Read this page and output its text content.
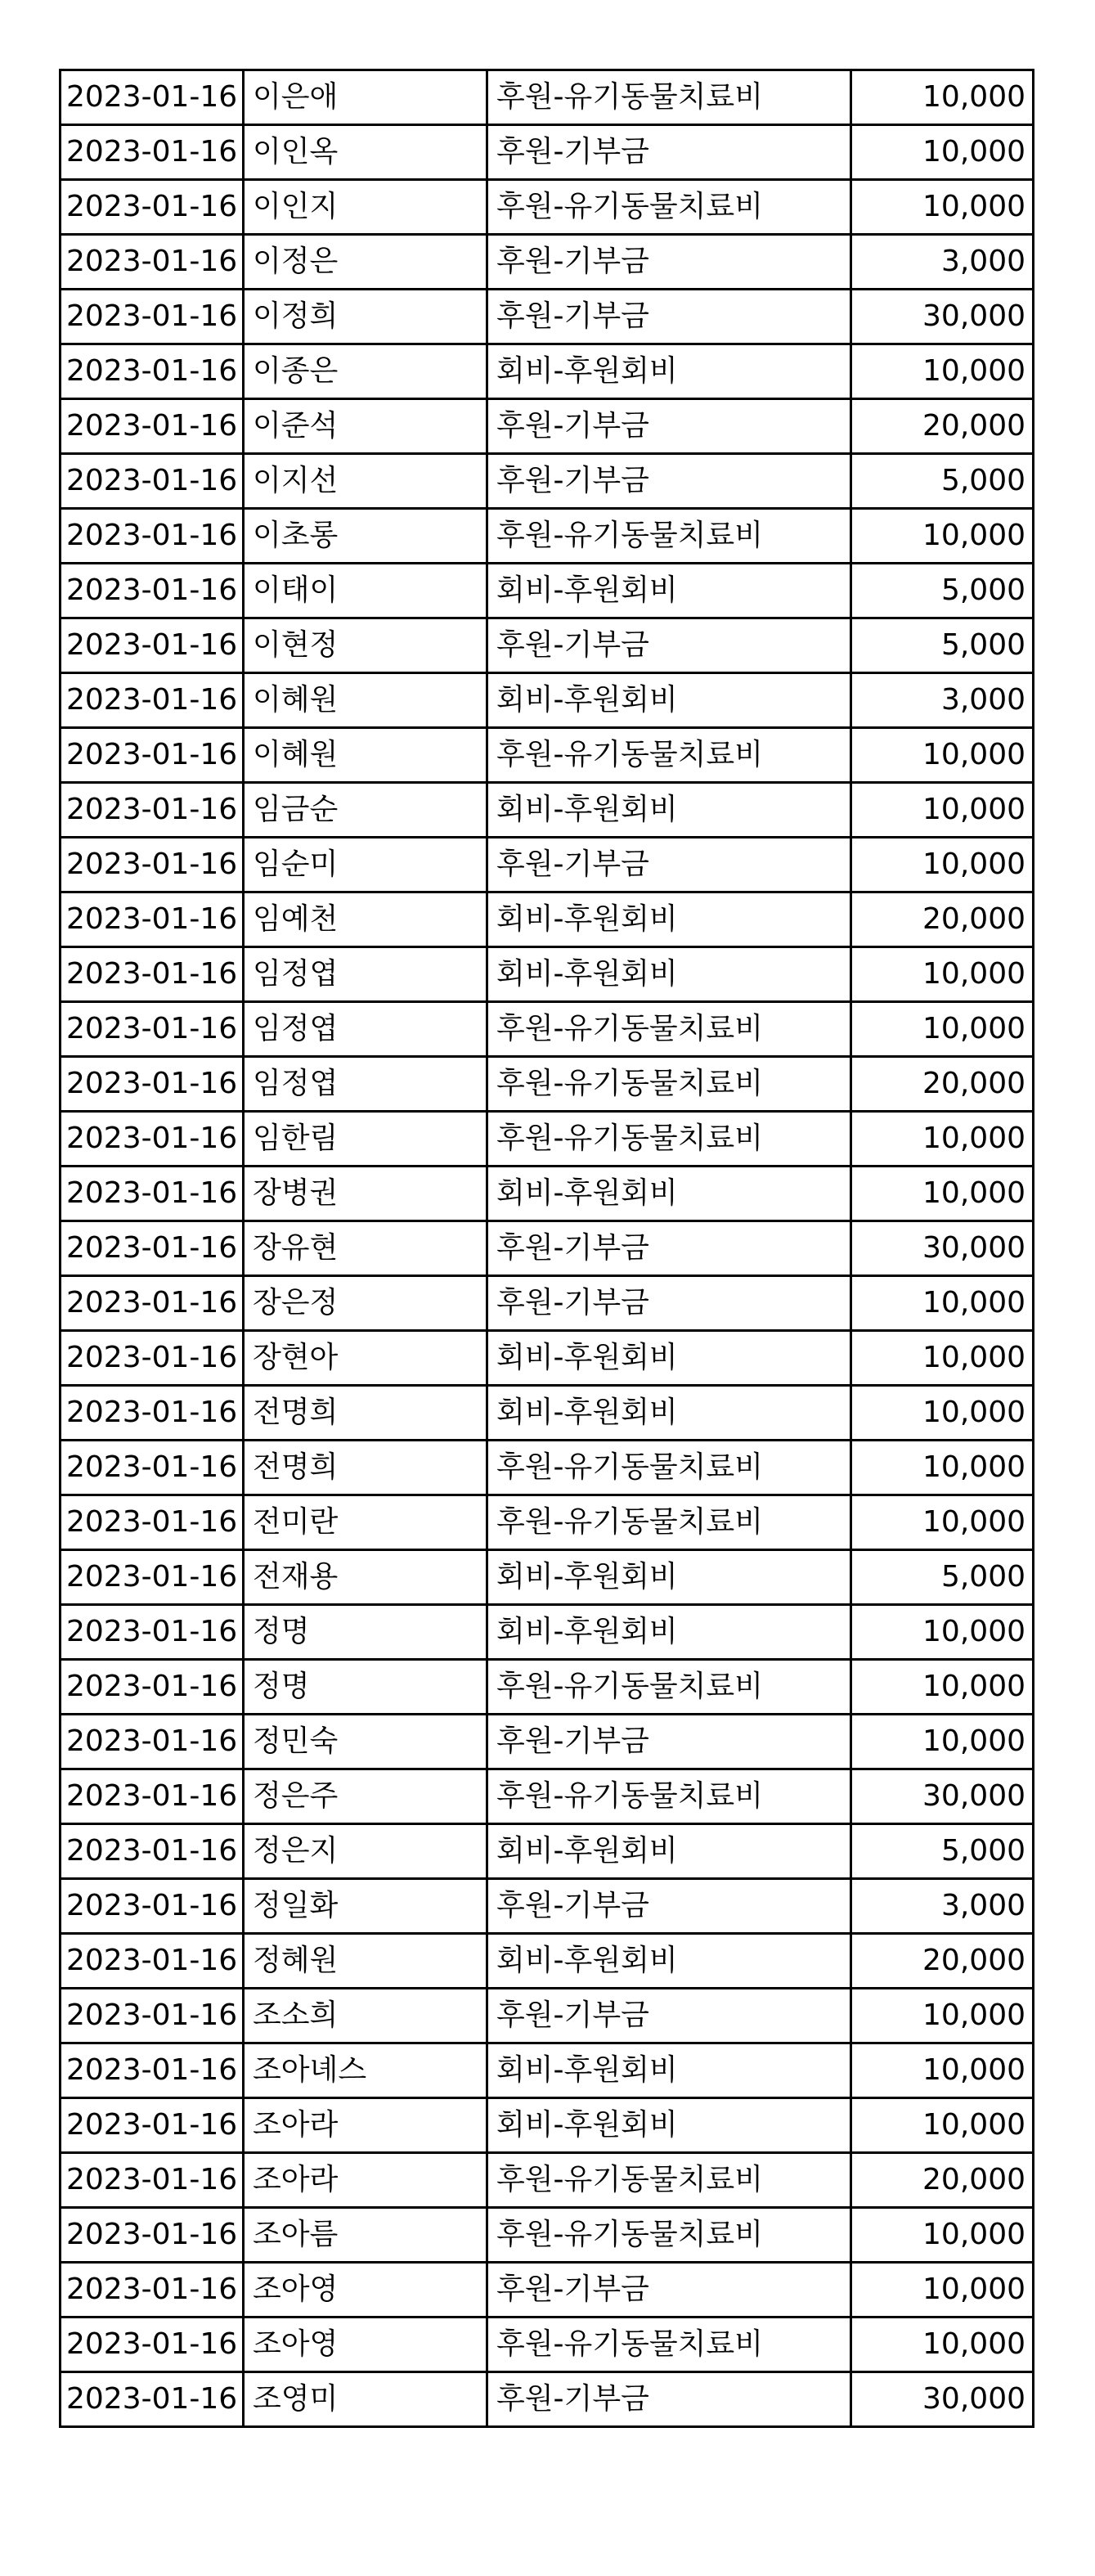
2023-01-16	이은애	후원-유기동물치료비	10,000
2023-01-16	이인옥	후원-기부금	10,000
2023-01-16	이인지	후원-유기동물치료비	10,000
2023-01-16	이정은	후원-기부금	3,000
2023-01-16	이정희	후원-기부금	30,000
2023-01-16	이종은	회비-후원회비	10,000
2023-01-16	이준석	후원-기부금	20,000
2023-01-16	이지선	후원-기부금	5,000
2023-01-16	이초롱	후원-유기동물치료비	10,000
2023-01-16	이태이	회비-후원회비	5,000
2023-01-16	이현정	후원-기부금	5,000
2023-01-16	이혜원	회비-후원회비	3,000
2023-01-16	이혜원	후원-유기동물치료비	10,000
2023-01-16	임금순	회비-후원회비	10,000
2023-01-16	임순미	후원-기부금	10,000
2023-01-16	임예천	회비-후원회비	20,000
2023-01-16	임정엽	회비-후원회비	10,000
2023-01-16	임정엽	후원-유기동물치료비	10,000
2023-01-16	임정엽	후원-유기동물치료비	20,000
2023-01-16	임한림	후원-유기동물치료비	10,000
2023-01-16	장병권	회비-후원회비	10,000
2023-01-16	장유현	후원-기부금	30,000
2023-01-16	장은정	후원-기부금	10,000
2023-01-16	장현아	회비-후원회비	10,000
2023-01-16	전명희	회비-후원회비	10,000
2023-01-16	전명희	후원-유기동물치료비	10,000
2023-01-16	전미란	후원-유기동물치료비	10,000
2023-01-16	전재용	회비-후원회비	5,000
2023-01-16	정명	회비-후원회비	10,000
2023-01-16	정명	후원-유기동물치료비	10,000
2023-01-16	정민숙	후원-기부금	10,000
2023-01-16	정은주	후원-유기동물치료비	30,000
2023-01-16	정은지	회비-후원회비	5,000
2023-01-16	정일화	후원-기부금	3,000
2023-01-16	정혜원	회비-후원회비	20,000
2023-01-16	조소희	후원-기부금	10,000
2023-01-16	조아녜스	회비-후원회비	10,000
2023-01-16	조아라	회비-후원회비	10,000
2023-01-16	조아라	후원-유기동물치료비	20,000
2023-01-16	조아름	후원-유기동물치료비	10,000
2023-01-16	조아영	후원-기부금	10,000
2023-01-16	조아영	후원-유기동물치료비	10,000
2023-01-16	조영미	후원-기부금	30,000
